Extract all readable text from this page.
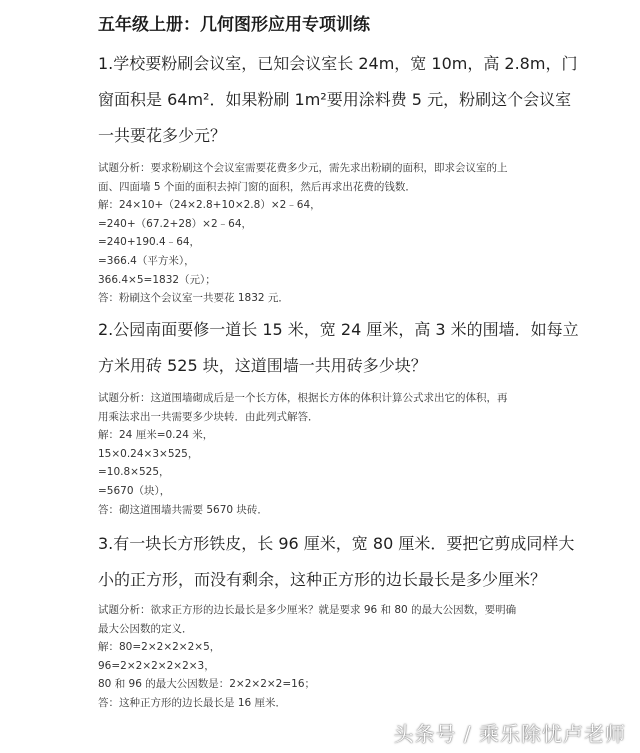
五年级上册：几何图形应用专项训练
1.学校要粉刷会议室，已知会议室长 24m，宽 10m，高 2.8m，门
窗面积是 64m²．如果粉刷 1m²要用涂料费 5 元，粉刷这个会议室
一共要花多少元？
试题分析：要求粉刷这个会议室需要花费多少元，需先求出粉刷的面积，即求会议室的上
面、四面墙 5 个面的面积去掉门窗的面积，然后再求出花费的钱数．
解：24×10+（24×2.8+10×2.8）×2﹣64，
=240+（67.2+28）×2﹣64，
=240+190.4﹣64，
=366.4（平方米），
366.4×5=1832（元）；
答：粉刷这个会议室一共要花 1832 元．
2.公园南面要修一道长 15 米，宽 24 厘米，高 3 米的围墙．如每立
方米用砖 525 块，这道围墙一共用砖多少块？
试题分析：这道围墙砌成后是一个长方体，根据长方体的体积计算公式求出它的体积，再
用乘法求出一共需要多少块转．由此列式解答．
解：24 厘米=0.24 米，
15×0.24×3×525，
=10.8×525，
=5670（块），
答：砌这道围墙共需要 5670 块砖．
3.有一块长方形铁皮，长 96 厘米，宽 80 厘米．要把它剪成同样大
小的正方形，而没有剩余，这种正方形的边长最长是多少厘米？
试题分析：欲求正方形的边长最长是多少厘米？就是要求 96 和 80 的最大公因数，要明确
最大公因数的定义．
解：80=2×2×2×2×5，
96=2×2×2×2×2×3，
80 和 96 的最大公因数是：2×2×2×2=16；
答：这种正方形的边长最长是 16 厘米．
头条号 / 乘乐除忧卢老师
